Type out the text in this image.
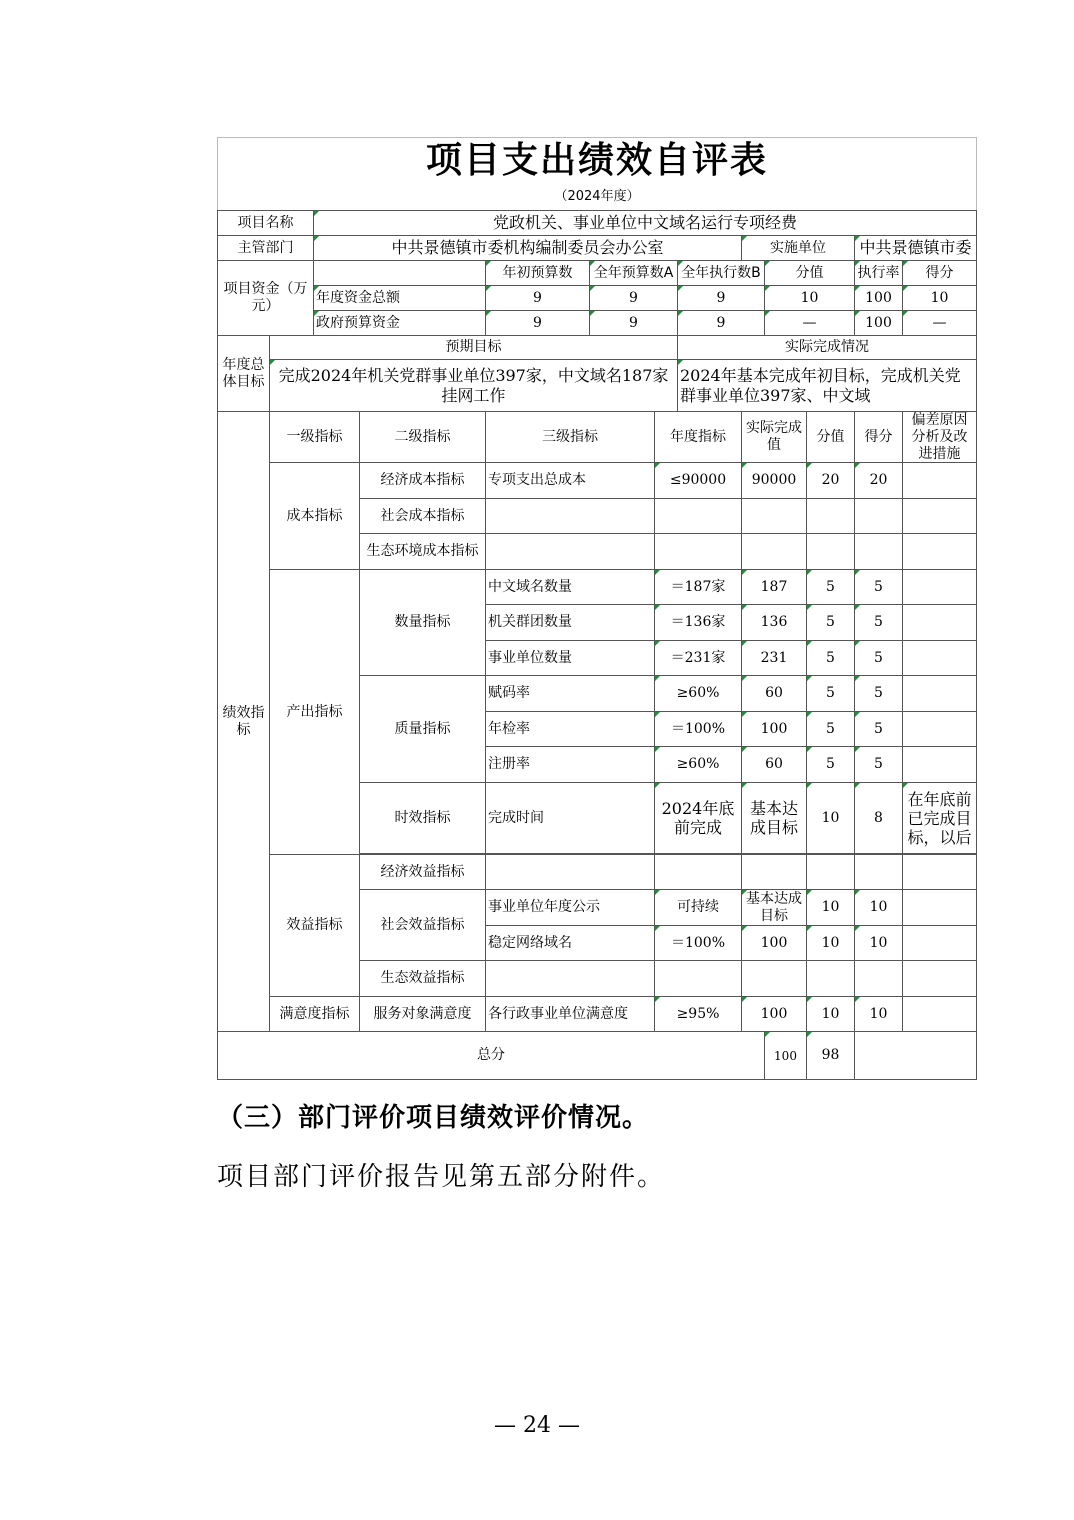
项目支出绩效自评表												
（2024年度）												
项目名称		党政机关、事业单位中文域名运行专项经费										
主管部门		中共景德镇市委机构编制委员会办公室						实施单位			中共景德镇市委	
项目资金（万元）				年初预算数	全年预算数A		全年执行数B		分值		执行率	得分
		年度资金总额		9	9		9		10		100	10
		政府预算资金		9	9		9		—		100	—
年度总体目标	预期目标						实际完成情况					
	完成2024年机关党群事业单位397家，中文域名187家挂网工作						2024年基本完成年初目标，完成机关党群事业单位397家、中文域					
绩效指标	一级指标		二级指标	三级指标		年度指标		实际完成值		分值	得分	偏差原因分析及改进措施
	成本指标		经济成本指标	专项支出总成本		≤90000		90000		20	20	
			社会成本指标									
			生态环境成本指标									
	产出指标		数量指标	中文域名数量		＝187家		187		5	5	
				机关群团数量		＝136家		136		5	5	
				事业单位数量		＝231家		231		5	5	
			质量指标	赋码率		≥60%		60		5	5	
				年检率		＝100%		100		5	5	
				注册率		≥60%		60		5	5	
			时效指标	完成时间		2024年底前完成		基本达成目标		10	8	在年底前已完成目标，以后

	效益指标		经济效益指标									
			社会效益指标	事业单位年度公示		可持续		基本达成目标		10	10	
				稳定网络域名		＝100%		100		10	10	
			生态效益指标									
	满意度指标		服务对象满意度	各行政事业单位满意度		≥95%		100		10	10	
总分									100	98		
（三）部门评价项目绩效评价情况。
项目部门评价报告见第五部分附件。
— 24 —
